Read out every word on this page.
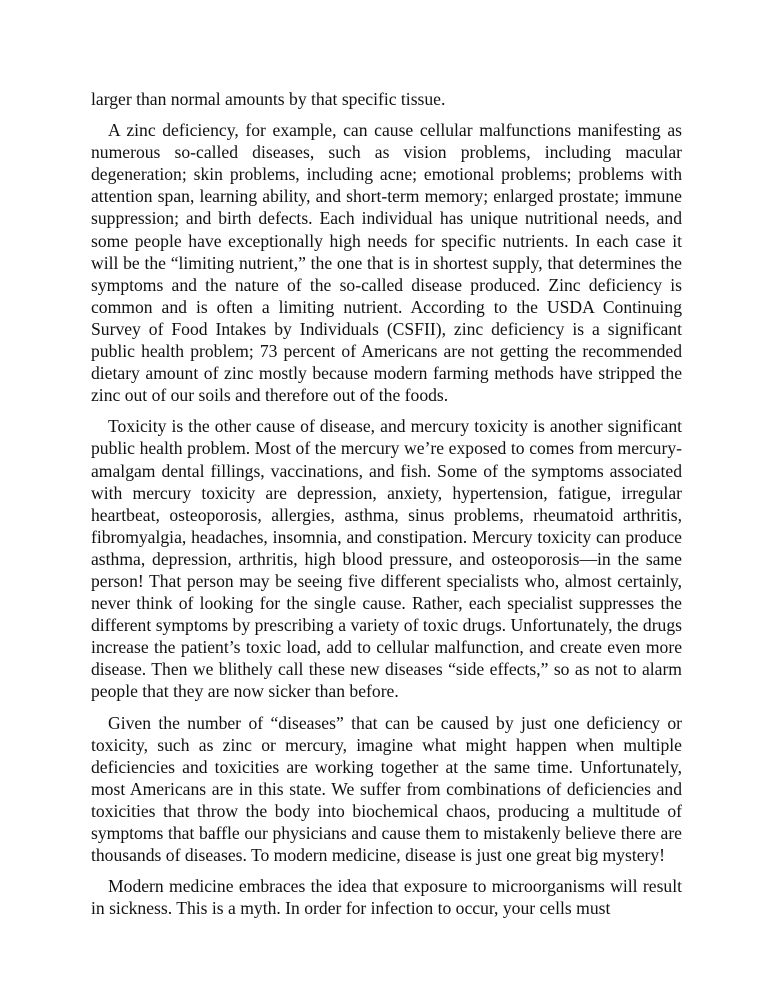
larger than normal amounts by that specific tissue.

A zinc deficiency, for example, can cause cellular malfunctions manifesting as numerous so-called diseases, such as vision problems, including macular degeneration; skin problems, including acne; emotional problems; problems with attention span, learning ability, and short-term memory; enlarged prostate; immune suppression; and birth defects. Each individual has unique nutritional needs, and some people have exceptionally high needs for specific nutrients. In each case it will be the “limiting nutrient,” the one that is in shortest supply, that determines the symptoms and the nature of the so-called disease produced. Zinc deficiency is common and is often a limiting nutrient. According to the USDA Continuing Survey of Food Intakes by Individuals (CSFII), zinc deficiency is a significant public health problem; 73 percent of Americans are not getting the recommended dietary amount of zinc mostly because modern farming methods have stripped the zinc out of our soils and therefore out of the foods.

Toxicity is the other cause of disease, and mercury toxicity is another significant public health problem. Most of the mercury we’re exposed to comes from mercury-amalgam dental fillings, vaccinations, and fish. Some of the symptoms associated with mercury toxicity are depression, anxiety, hypertension, fatigue, irregular heartbeat, osteoporosis, allergies, asthma, sinus problems, rheumatoid arthritis, fibromyalgia, headaches, insomnia, and constipation. Mercury toxicity can produce asthma, depression, arthritis, high blood pressure, and osteoporosis—in the same person! That person may be seeing five different specialists who, almost certainly, never think of looking for the single cause. Rather, each specialist suppresses the different symptoms by prescribing a variety of toxic drugs. Unfortunately, the drugs increase the patient’s toxic load, add to cellular malfunction, and create even more disease. Then we blithely call these new diseases “side effects,” so as not to alarm people that they are now sicker than before.

Given the number of “diseases” that can be caused by just one deficiency or toxicity, such as zinc or mercury, imagine what might happen when multiple deficiencies and toxicities are working together at the same time. Unfortunately, most Americans are in this state. We suffer from combinations of deficiencies and toxicities that throw the body into biochemical chaos, producing a multitude of symptoms that baffle our physicians and cause them to mistakenly believe there are thousands of diseases. To modern medicine, disease is just one great big mystery!

Modern medicine embraces the idea that exposure to microorganisms will result in sickness. This is a myth. In order for infection to occur, your cells must
